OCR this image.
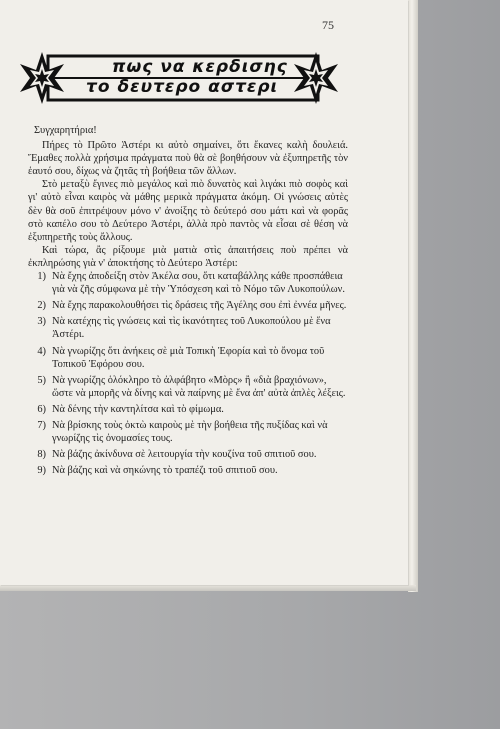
75
πως να κερδισης
το δευτερο αστερι

Συγχαρητήρια!

Πήρες τὸ Πρῶτο Ἀστέρι κι αὐτὸ σημαίνει, ὅτι ἔκανες καλὴ δουλειά. Ἔμαθες πολλὰ χρήσιμα πράγματα ποὺ θὰ σὲ βοηθήσουν νὰ ἐξυπηρετῆς τὸν ἑαυτό σου, δίχως νὰ ζητᾶς τὴ βοήθεια τῶν ἄλλων.

Στὸ μεταξὺ ἔγινες πιὸ μεγάλος καὶ πιὸ δυνατὸς καὶ λιγάκι πιὸ σοφὸς καὶ γι' αὐτὸ εἶναι καιρὸς νὰ μάθης μερικὰ πράγματα ἀκόμη. Οἱ γνώσεις αὐτὲς δὲν θὰ σοῦ ἐπιτρέψουν μόνο ν' ἀνοίξης τὸ δεύτερό σου μάτι καὶ νὰ φορᾶς στὸ καπέλο σου τὸ Δεύτερο Ἀστέρι, ἀλλὰ πρὸ παντὸς νὰ εἶσαι σὲ θέση νὰ ἐξυπηρετῆς τοὺς ἄλλους.

Καὶ τώρα, ἂς ρίξουμε μιὰ ματιὰ στὶς ἀπαιτήσεις ποὺ πρέπει νὰ ἐκπληρώσης γιὰ ν' ἀποκτήσης τὸ Δεύτερο Ἀστέρι:

1) Νὰ ἔχης ἀποδείξη στὸν Ἀκέλα σου, ὅτι καταβάλλης κάθε προσπάθεια γιὰ νὰ ζῆς σύμφωνα μὲ τὴν Ὑπόσχεση καὶ τὸ Νόμο τῶν Λυκοπούλων.
2) Νὰ ἔχης παρακολουθήσει τὶς δράσεις τῆς Ἀγέλης σου ἐπὶ ἐννέα μῆνες.
3) Νὰ κατέχης τὶς γνώσεις καὶ τὶς ἱκανότητες τοῦ Λυκοπούλου μὲ ἕνα Ἀστέρι.
4) Νὰ γνωρίζης ὅτι ἀνήκεις σὲ μιὰ Τοπικὴ Ἐφορία καὶ τὸ ὄνομα τοῦ Τοπικοῦ Ἐφόρου σου.
5) Νὰ γνωρίζης ὁλόκληρο τὸ ἀλφάβητο «Μὸρς» ἢ «διὰ βραχιόνων», ὥστε νὰ μπορῆς νὰ δίνης καὶ νὰ παίρνης μὲ ἕνα ἀπ' αὐτὰ ἁπλὲς λέξεις.
6) Νὰ δένης τὴν καντηλίτσα καὶ τὸ φίμωμα.
7) Νὰ βρίσκης τοὺς ὀκτὼ καιροὺς μὲ τὴν βοήθεια τῆς πυξίδας καὶ νὰ γνωρίζης τὶς ὀνομασίες τους.
8) Νὰ βάζης ἀκίνδυνα σὲ λειτουργία τὴν κουζίνα τοῦ σπιτιοῦ σου.
9) Νὰ βάζης καὶ νὰ σηκώνης τὸ τραπέζι τοῦ σπιτιοῦ σου.
